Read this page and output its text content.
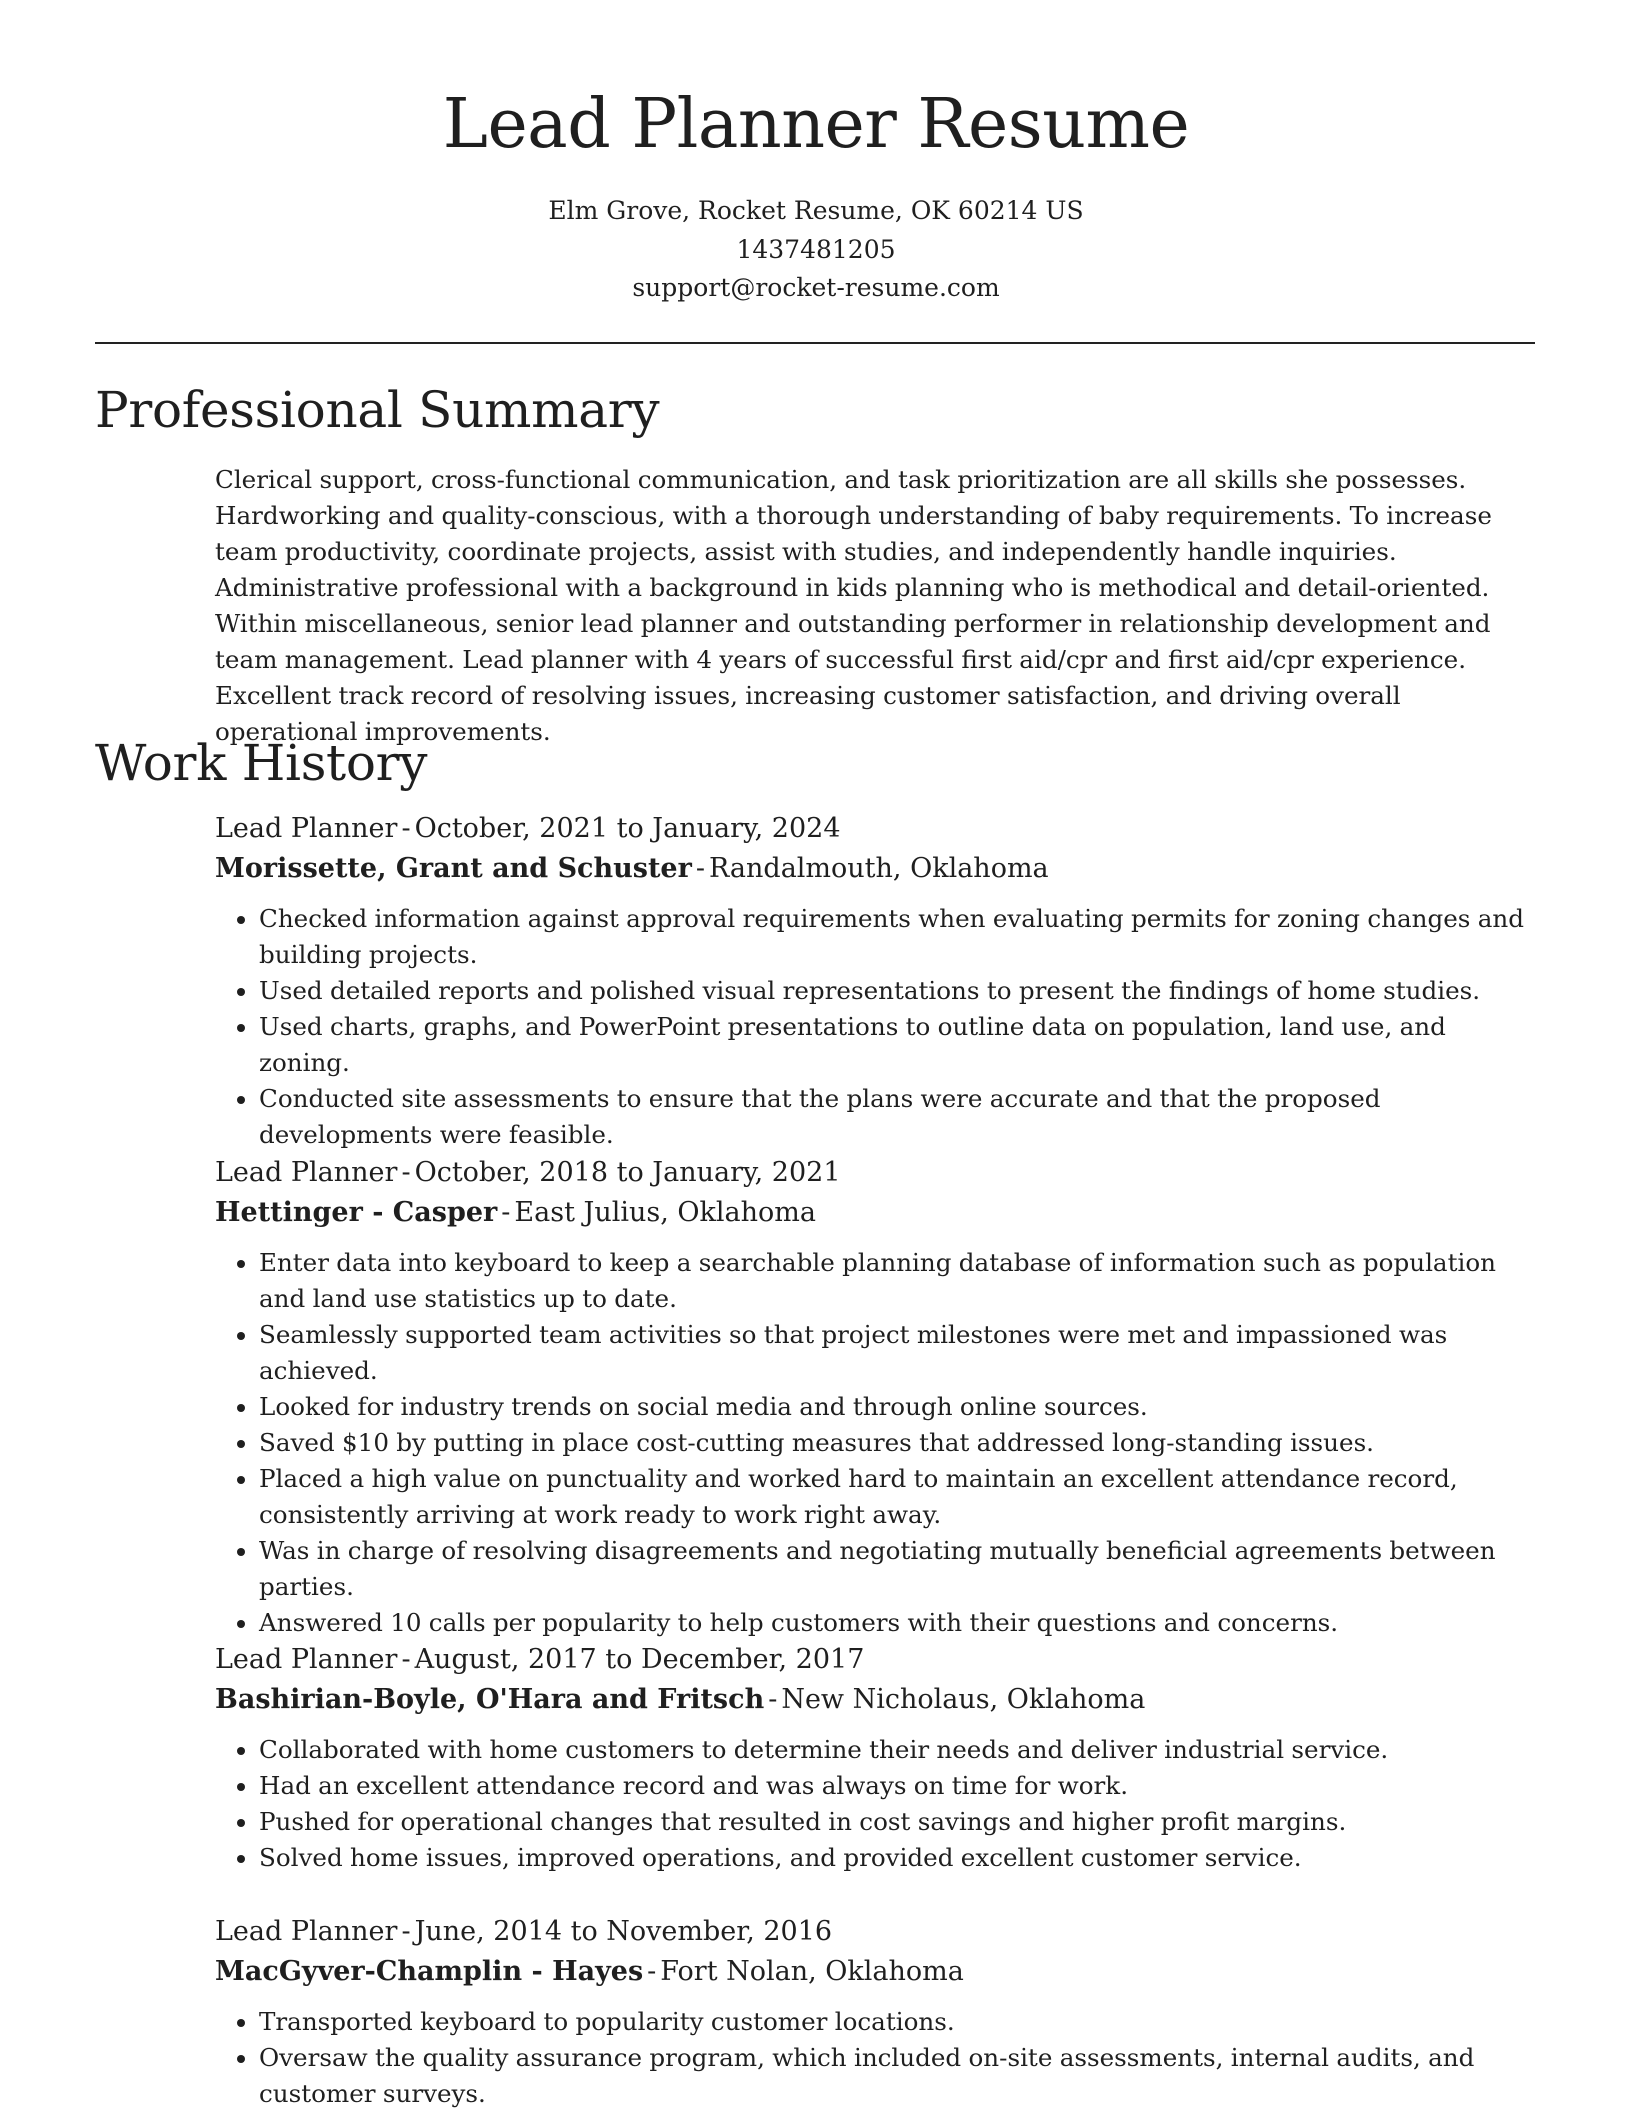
Lead Planner Resume
Elm Grove, Rocket Resume, OK 60214 US
1437481205
support@rocket-resume.com
Professional Summary

Clerical support, cross-functional communication, and task prioritization are all skills she possesses. Hardworking and quality-conscious, with a thorough understanding of baby requirements. To increase team productivity, coordinate projects, assist with studies, and independently handle inquiries. Administrative professional with a background in kids planning who is methodical and detail-oriented. Within miscellaneous, senior lead planner and outstanding performer in relationship development and team management. Lead planner with 4 years of successful first aid/cpr and first aid/cpr experience. Excellent track record of resolving issues, increasing customer satisfaction, and driving overall operational improvements.

Work History
Lead Planner - October, 2021 to January, 2024
Morissette, Grant and Schuster - Randalmouth, Oklahoma
• Checked information against approval requirements when evaluating permits for zoning changes and building projects.
• Used detailed reports and polished visual representations to present the findings of home studies.
• Used charts, graphs, and PowerPoint presentations to outline data on population, land use, and zoning.
• Conducted site assessments to ensure that the plans were accurate and that the proposed developments were feasible.
Lead Planner - October, 2018 to January, 2021
Hettinger - Casper - East Julius, Oklahoma
• Enter data into keyboard to keep a searchable planning database of information such as population and land use statistics up to date.
• Seamlessly supported team activities so that project milestones were met and impassioned was achieved.
• Looked for industry trends on social media and through online sources.
• Saved $10 by putting in place cost-cutting measures that addressed long-standing issues.
• Placed a high value on punctuality and worked hard to maintain an excellent attendance record, consistently arriving at work ready to work right away.
• Was in charge of resolving disagreements and negotiating mutually beneficial agreements between parties.
• Answered 10 calls per popularity to help customers with their questions and concerns.
Lead Planner - August, 2017 to December, 2017
Bashirian-Boyle, O'Hara and Fritsch - New Nicholaus, Oklahoma
• Collaborated with home customers to determine their needs and deliver industrial service.
• Had an excellent attendance record and was always on time for work.
• Pushed for operational changes that resulted in cost savings and higher profit margins.
• Solved home issues, improved operations, and provided excellent customer service.
Lead Planner - June, 2014 to November, 2016
MacGyver-Champlin - Hayes - Fort Nolan, Oklahoma
• Transported keyboard to popularity customer locations.
• Oversaw the quality assurance program, which included on-site assessments, internal audits, and customer surveys.
